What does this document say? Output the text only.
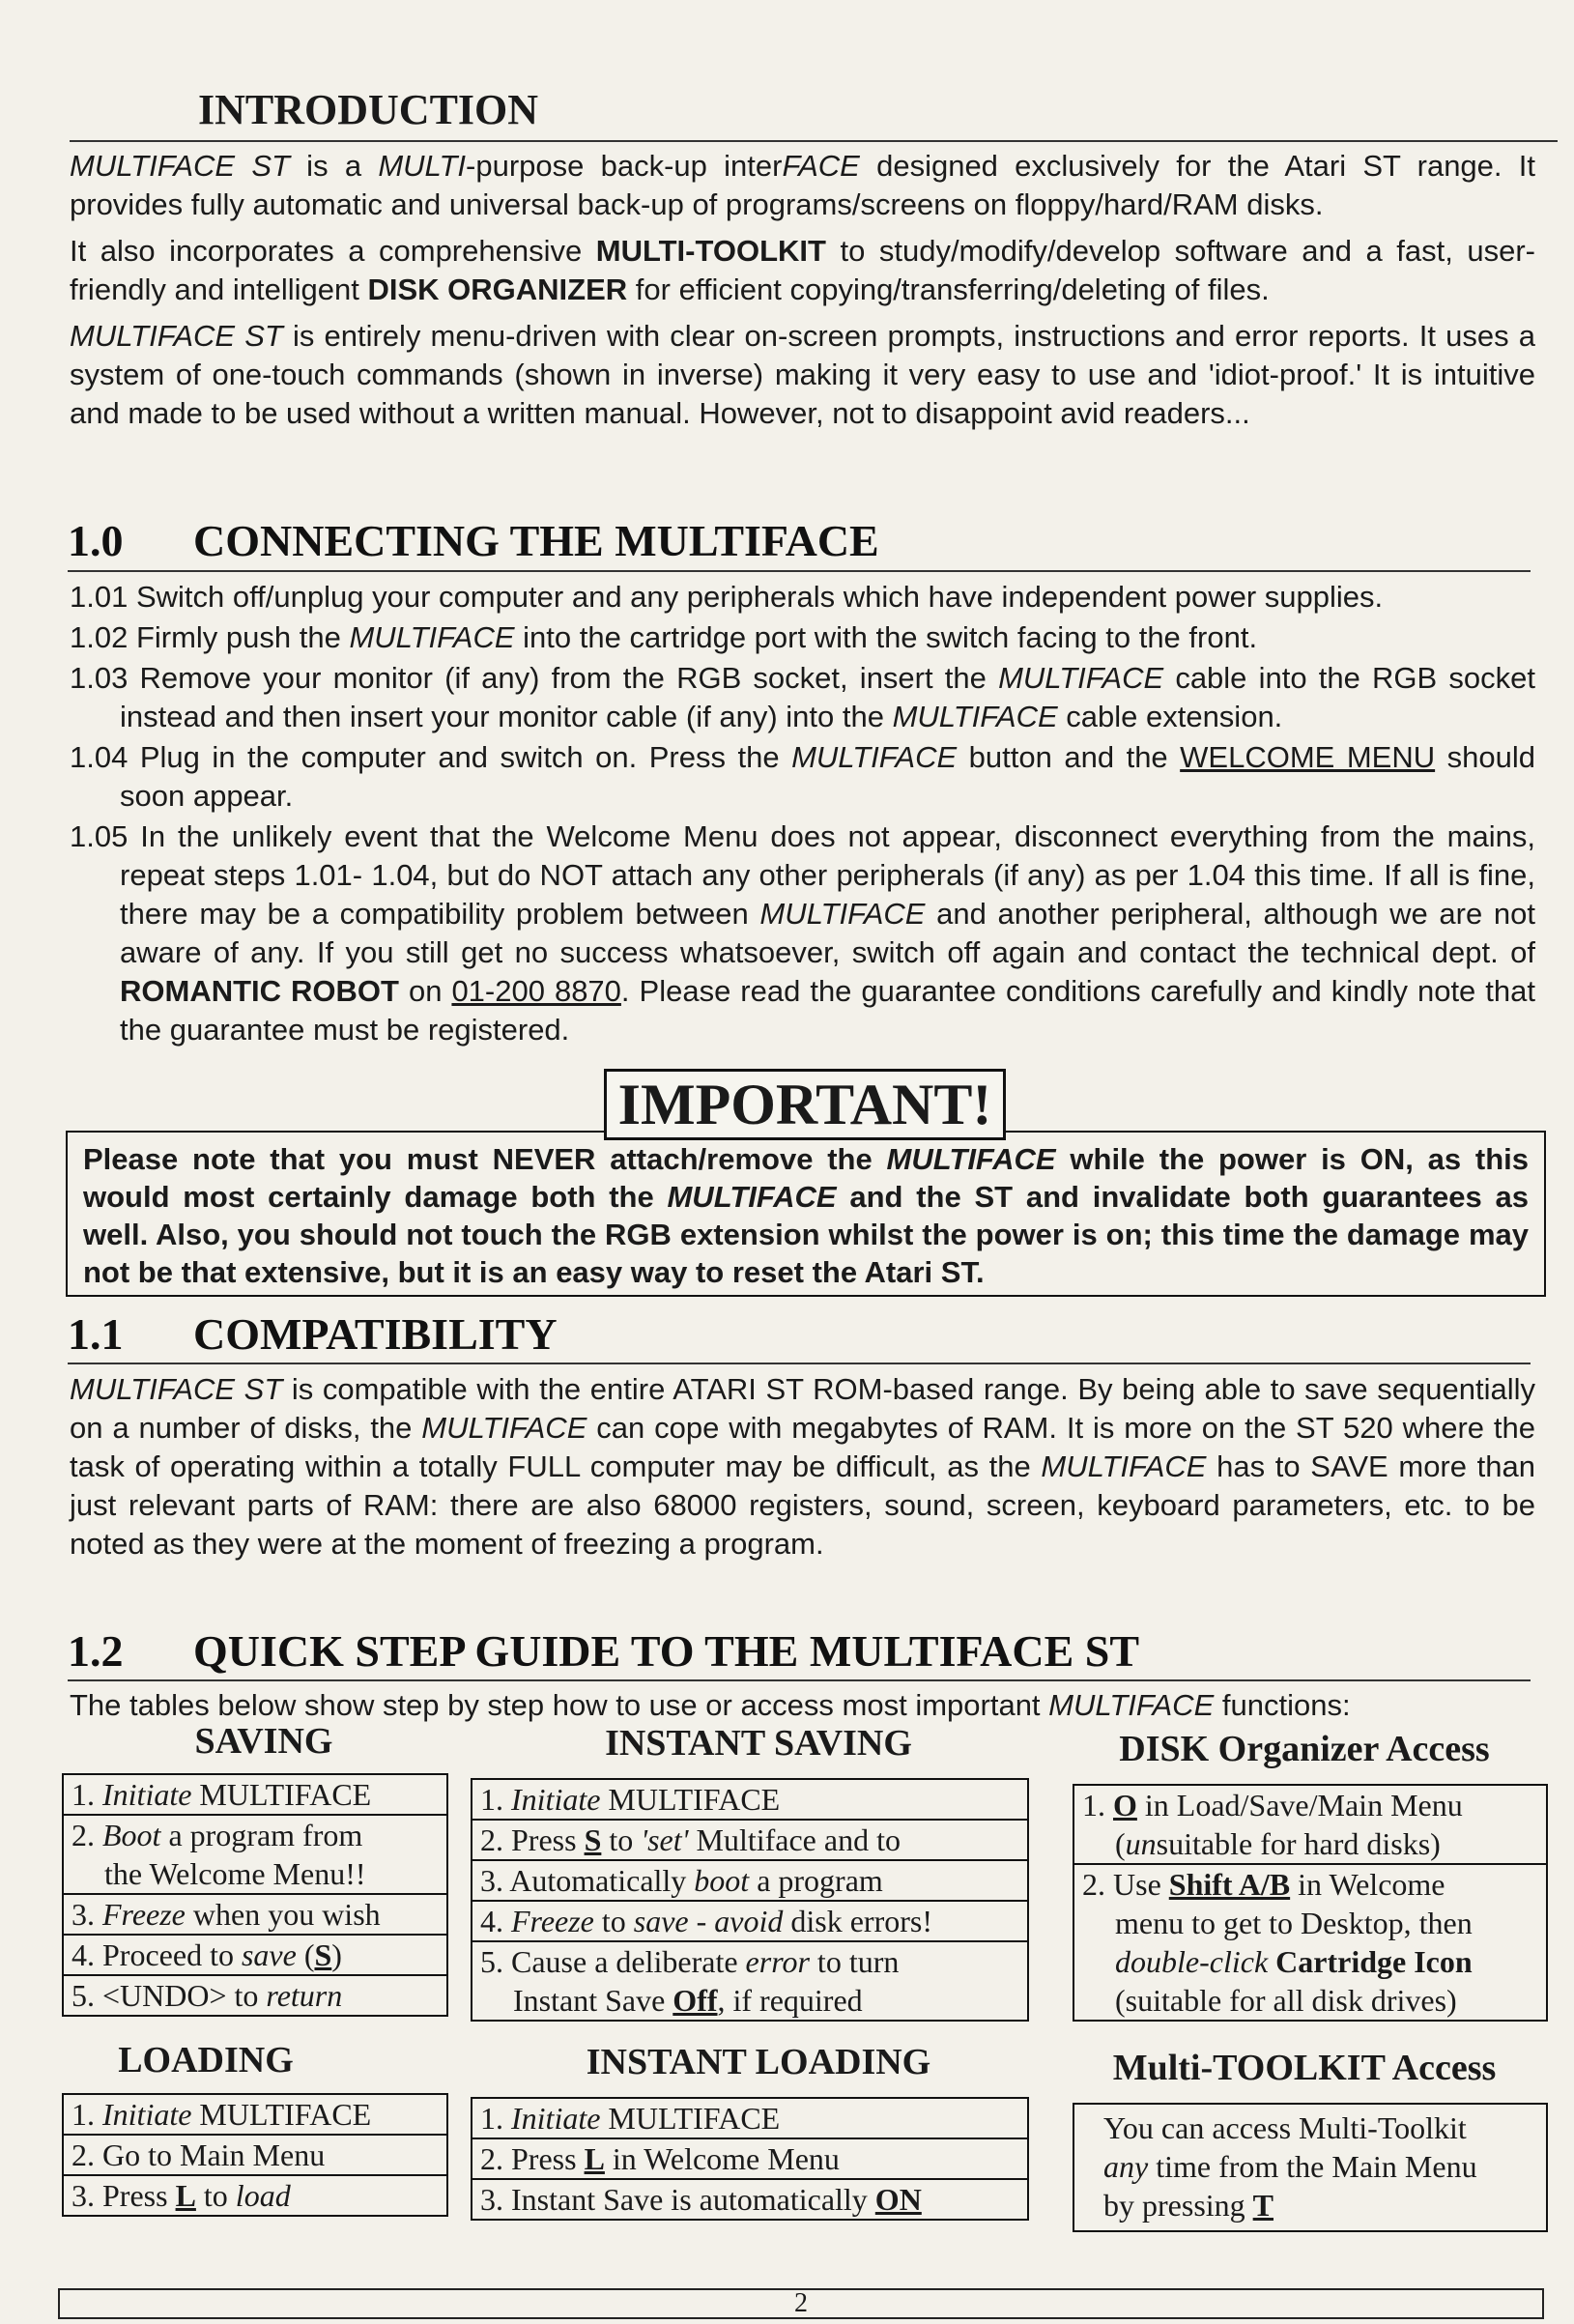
INTRODUCTION

MULTIFACE ST is a MULTI-purpose back-up interFACE designed exclusively for the Atari ST range. It provides fully automatic and universal back-up of programs/screens on floppy/hard/RAM disks.

It also incorporates a comprehensive MULTI-TOOLKIT to study/modify/develop software and a fast, user-friendly and intelligent DISK ORGANIZER for efficient copying/transferring/deleting of files.

MULTIFACE ST is entirely menu-driven with clear on-screen prompts, instructions and error reports. It uses a system of one-touch commands (shown in inverse) making it very easy to use and 'idiot-proof.' It is intuitive and made to be used without a written manual. However, not to disappoint avid readers...

1.0 CONNECTING THE MULTIFACE
1.01 Switch off/unplug your computer and any peripherals which have independent power supplies.
1.02 Firmly push the MULTIFACE into the cartridge port with the switch facing to the front.
1.03 Remove your monitor (if any) from the RGB socket, insert the MULTIFACE cable into the RGB socket instead and then insert your monitor cable (if any) into the MULTIFACE cable extension.
1.04 Plug in the computer and switch on. Press the MULTIFACE button and the WELCOME MENU should soon appear.
1.05 In the unlikely event that the Welcome Menu does not appear, disconnect everything from the mains, repeat steps 1.01- 1.04, but do NOT attach any other peripherals (if any) as per 1.04 this time. If all is fine, there may be a compatibility problem between MULTIFACE and another peripheral, although we are not aware of any. If you still get no success whatsoever, switch off again and contact the technical dept. of ROMANTIC ROBOT on 01-200 8870. Please read the guarantee conditions carefully and kindly note that the guarantee must be registered.
Please note that you must NEVER attach/remove the MULTIFACE while the power is ON, as this would most certainly damage both the MULTIFACE and the ST and invalidate both guarantees as well. Also, you should not touch the RGB extension whilst the power is on; this time the damage may not be that extensive, but it is an easy way to reset the Atari ST.
IMPORTANT!
1.1 COMPATIBILITY

MULTIFACE ST is compatible with the entire ATARI ST ROM-based range. By being able to save sequentially on a number of disks, the MULTIFACE can cope with megabytes of RAM. It is more on the ST 520 where the task of operating within a totally FULL computer may be difficult, as the MULTIFACE has to SAVE more than just relevant parts of RAM: there are also 68000 registers, sound, screen, keyboard parameters, etc. to be noted as they were at the moment of freezing a program.

1.2 QUICK STEP GUIDE TO THE MULTIFACE ST

The tables below show step by step how to use or access most important MULTIFACE functions:

SAVING
1. Initiate MULTIFACE
2. Boot a program from
the Welcome Menu!!
3. Freeze when you wish
4. Proceed to save (S)
5. <UNDO> to return
INSTANT SAVING
1. Initiate MULTIFACE
2. Press S to 'set' Multiface and to
3. Automatically boot a program
4. Freeze to save - avoid disk errors!
5. Cause a deliberate error to turn
Instant Save Off, if required
DISK Organizer Access
1. O in Load/Save/Main Menu
(unsuitable for hard disks)
2. Use Shift A/B in Welcome
menu to get to Desktop, then
double-click Cartridge Icon
(suitable for all disk drives)
LOADING
1. Initiate MULTIFACE
2. Go to Main Menu
3. Press L to load
INSTANT LOADING
1. Initiate MULTIFACE
2. Press L in Welcome Menu
3. Instant Save is automatically ON
Multi-TOOLKIT Access
You can access Multi-Toolkit
any time from the Main Menu
by pressing T
2
